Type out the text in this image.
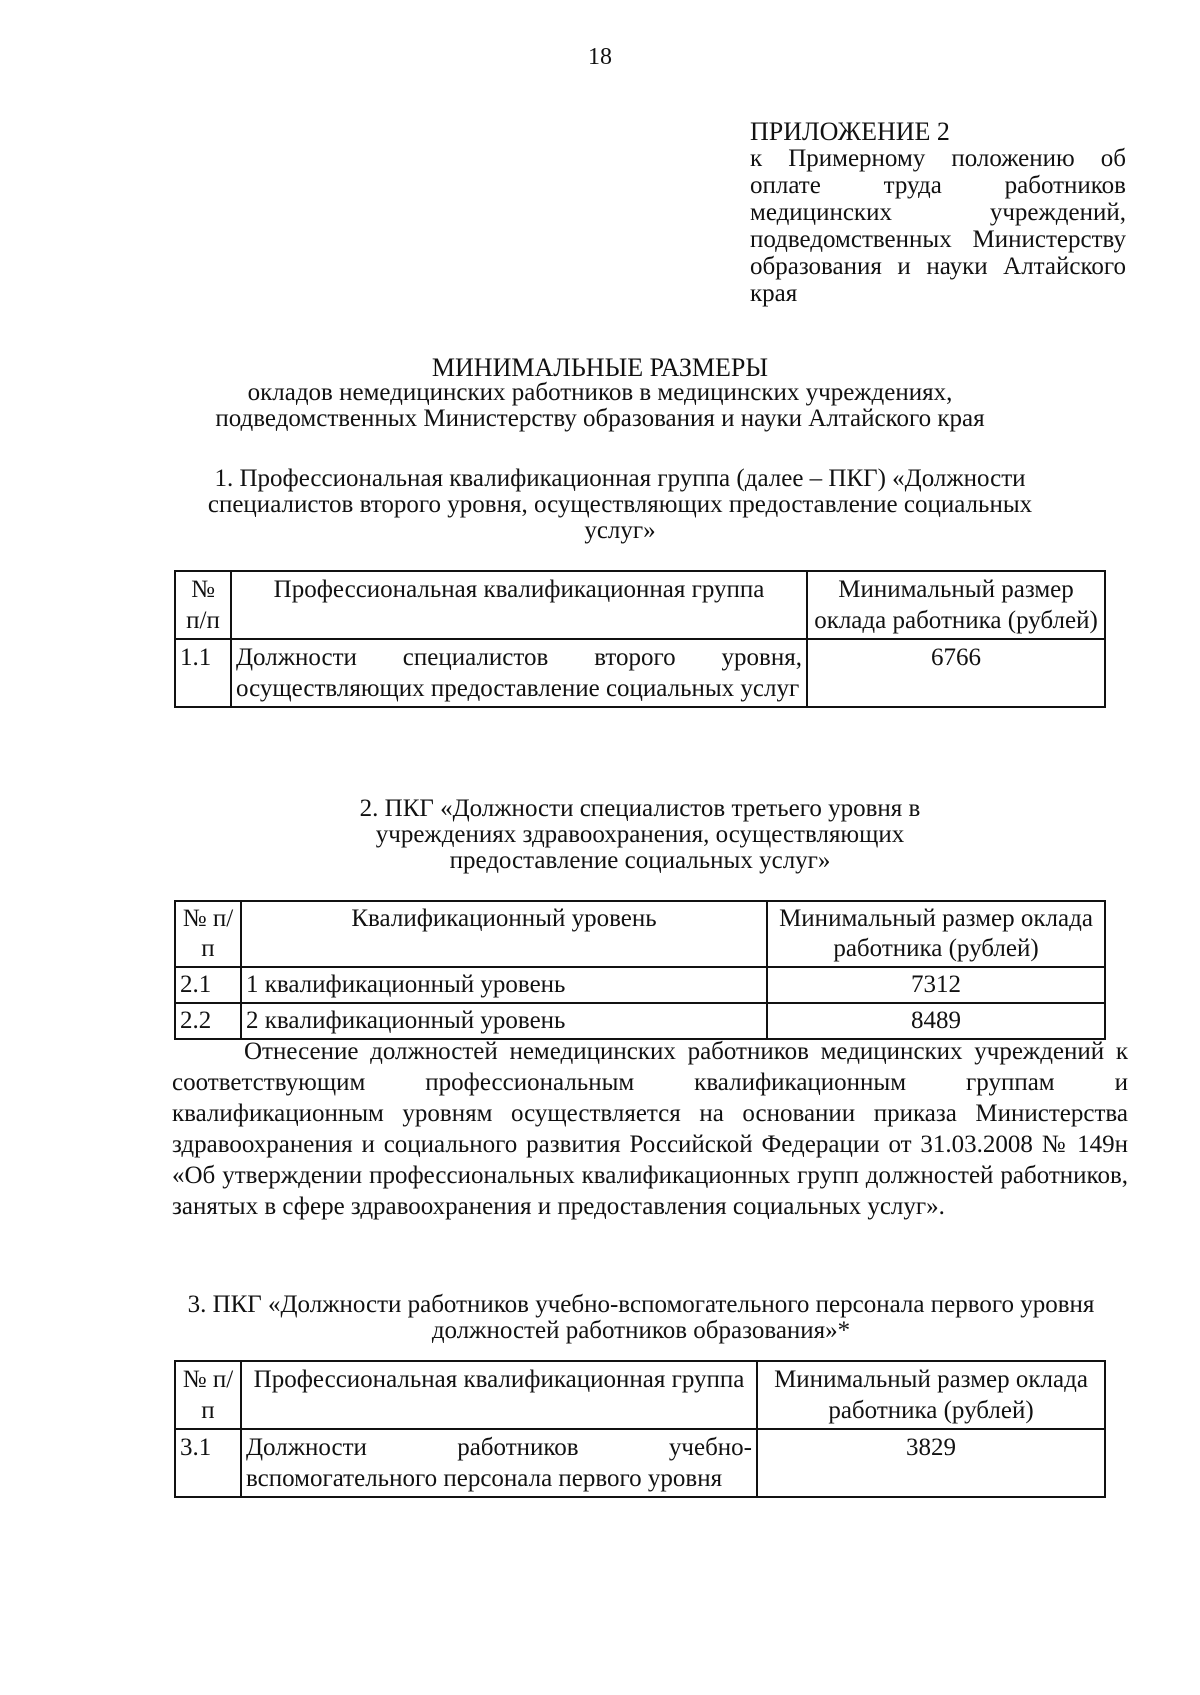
18
ПРИЛОЖЕНИЕ 2
к Примерному положению об оплате труда работников медицинских учреждений, подведомственных Министерству образования и науки Алтайского края
МИНИМАЛЬНЫЕ РАЗМЕРЫ
окладов немедицинских работников в медицинских учреждениях, подведомственных Министерству образования и науки Алтайского края
1. Профессиональная квалификационная группа (далее – ПКГ) «Должности специалистов второго уровня, осуществляющих предоставление социальных услуг»
№ п/п	Профессиональная квалификационная группа	Минимальный размер оклада работника (рублей)
1.1	Должности специалистов второго уровня, осуществляющих предоставление социальных услуг	6766
2. ПКГ «Должности специалистов третьего уровня в учреждениях здравоохранения, осуществляющих предоставление социальных услуг»
№ п/п	Квалификационный уровень	Минимальный размер оклада работника (рублей)
2.1	1 квалификационный уровень	7312
2.2	2 квалификационный уровень	8489
Отнесение должностей немедицинских работников медицинских учреждений к соответствующим профессиональным квалификационным группам и квалификационным уровням осуществляется на основании приказа Министерства здравоохранения и социального развития Российской Федерации от 31.03.2008 № 149н «Об утверждении профессиональных квалификационных групп должностей работников, занятых в сфере здравоохранения и предоставления социальных услуг».
3. ПКГ «Должности работников учебно-вспомогательного персонала первого уровня должностей работников образования»*
№ п/п	Профессиональная квалификационная группа	Минимальный размер оклада работника (рублей)
3.1	Должности работников учебно-вспомогательного персонала первого уровня	3829
